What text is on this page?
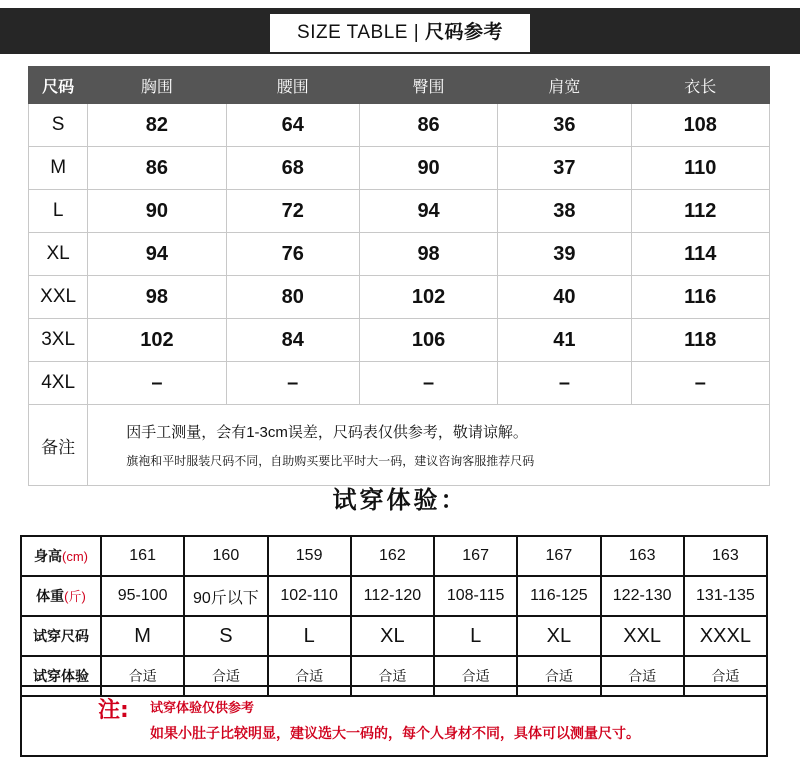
SIZE TABLE | 尺码参考
尺码	胸围	腰围	臀围	肩宽	衣长
S	82	64	86	36	108
M	86	68	90	37	110
L	90	72	94	38	112
XL	94	76	98	39	114
XXL	98	80	102	40	116
3XL	102	84	106	41	118
4XL	–	–	–	–	–
备注	因手工测量，会有1-3cm误差，尺码表仅供参考，敬请谅解。
旗袍和平时服装尺码不同，自助购买要比平时大一码，建议咨询客服推荐尺码				
试穿体验：
身高(cm)	161	160	159	162	167	167	163	163
体重(斤)	95-100	90斤以下	102-110	112-120	108-115	116-125	122-130	131-135
试穿尺码	M	S	L	XL	L	XL	XXL	XXXL
试穿体验	合适	合适	合适	合适	合适	合适	合适	合适
注: 试穿体验仅供参考
如果小肚子比较明显，建议选大一码的，每个人身材不同，具体可以测量尺寸。
